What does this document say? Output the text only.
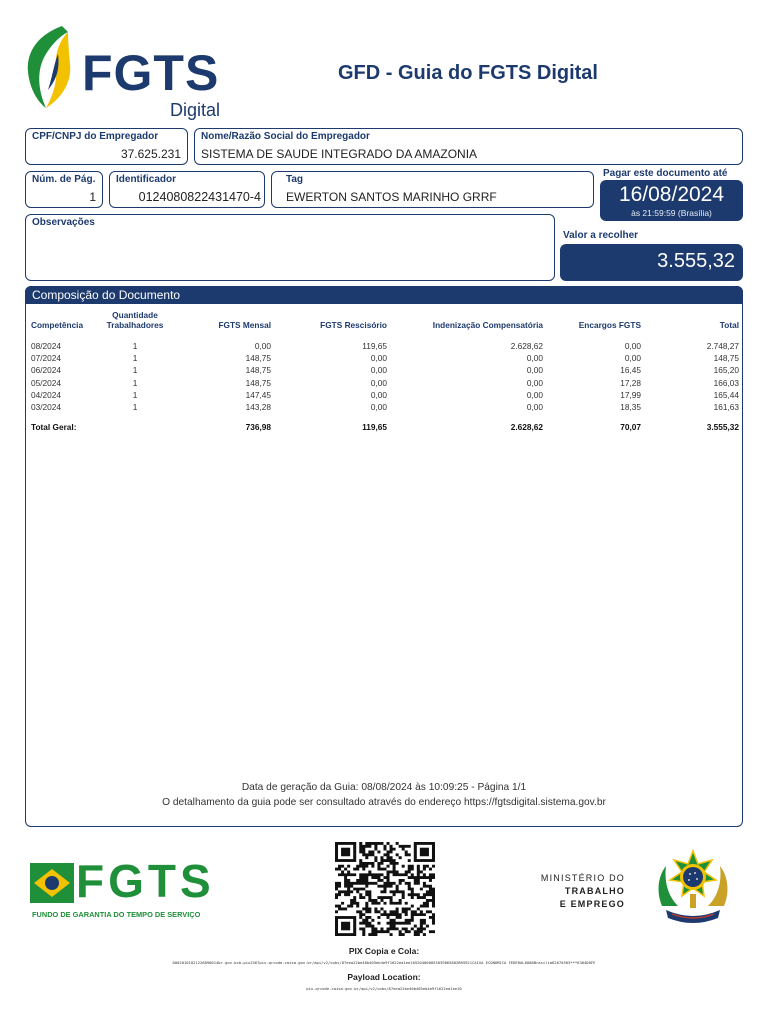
FGTS
Digital
GFD - Guia do FGTS Digital
CPF/CNPJ do Empregador
37.625.231
Nome/Razão Social do Empregador
SISTEMA DE SAUDE INTEGRADO DA AMAZONIA
Núm. de Pág.
1
Identificador
0124080822431470-4
Tag
EWERTON SANTOS MARINHO GRRF
Pagar este documento até
16/08/2024
às 21:59:59 (Brasília)
Observações
Valor a recolher
3.555,32
Composição do Documento
Competência	Quantidade Trabalhadores	FGTS Mensal	FGTS Rescisório	Indenização Compensatória	Encargos FGTS	Total

08/2024	1	0,00	119,65	2.628,62	0,00	2.748,27
07/2024	1	148,75	0,00	0,00	0,00	148,75
06/2024	1	148,75	0,00	0,00	16,45	165,20
05/2024	1	148,75	0,00	0,00	17,28	166,03
04/2024	1	147,45	0,00	0,00	17,99	165,44
03/2024	1	143,28	0,00	0,00	18,35	161,63

Total Geral:		736,98	119,65	2.628,62	70,07	3.555,32
Data de geração da Guia: 08/08/2024 às 10:09:25 - Página 1/1
O detalhamento da guia pode ser consultado através do endereço https://fgtsdigital.sistema.gov.br
FGTS
FUNDO DE GARANTIA DO TEMPO DE SERVIÇO
MINISTÉRIO DO
TRABALHO
E EMPREGO
PIX Copia e Cola:
00020101021226890014br.gov.bcb.pix2567pix-qrcode.caixa.gov.br/api/v2/cobv/87eea22be40b405eb4e9f1622ea1ee105204000053039865802BR5921CAIXA ECONOMICA FEDERAL6008Brasilia62070503***6304D0FE
Payload Location:
pix-qrcode.caixa.gov.br/api/v2/cobv/87eea22be40b405eb4e9f1622ea1ee10
